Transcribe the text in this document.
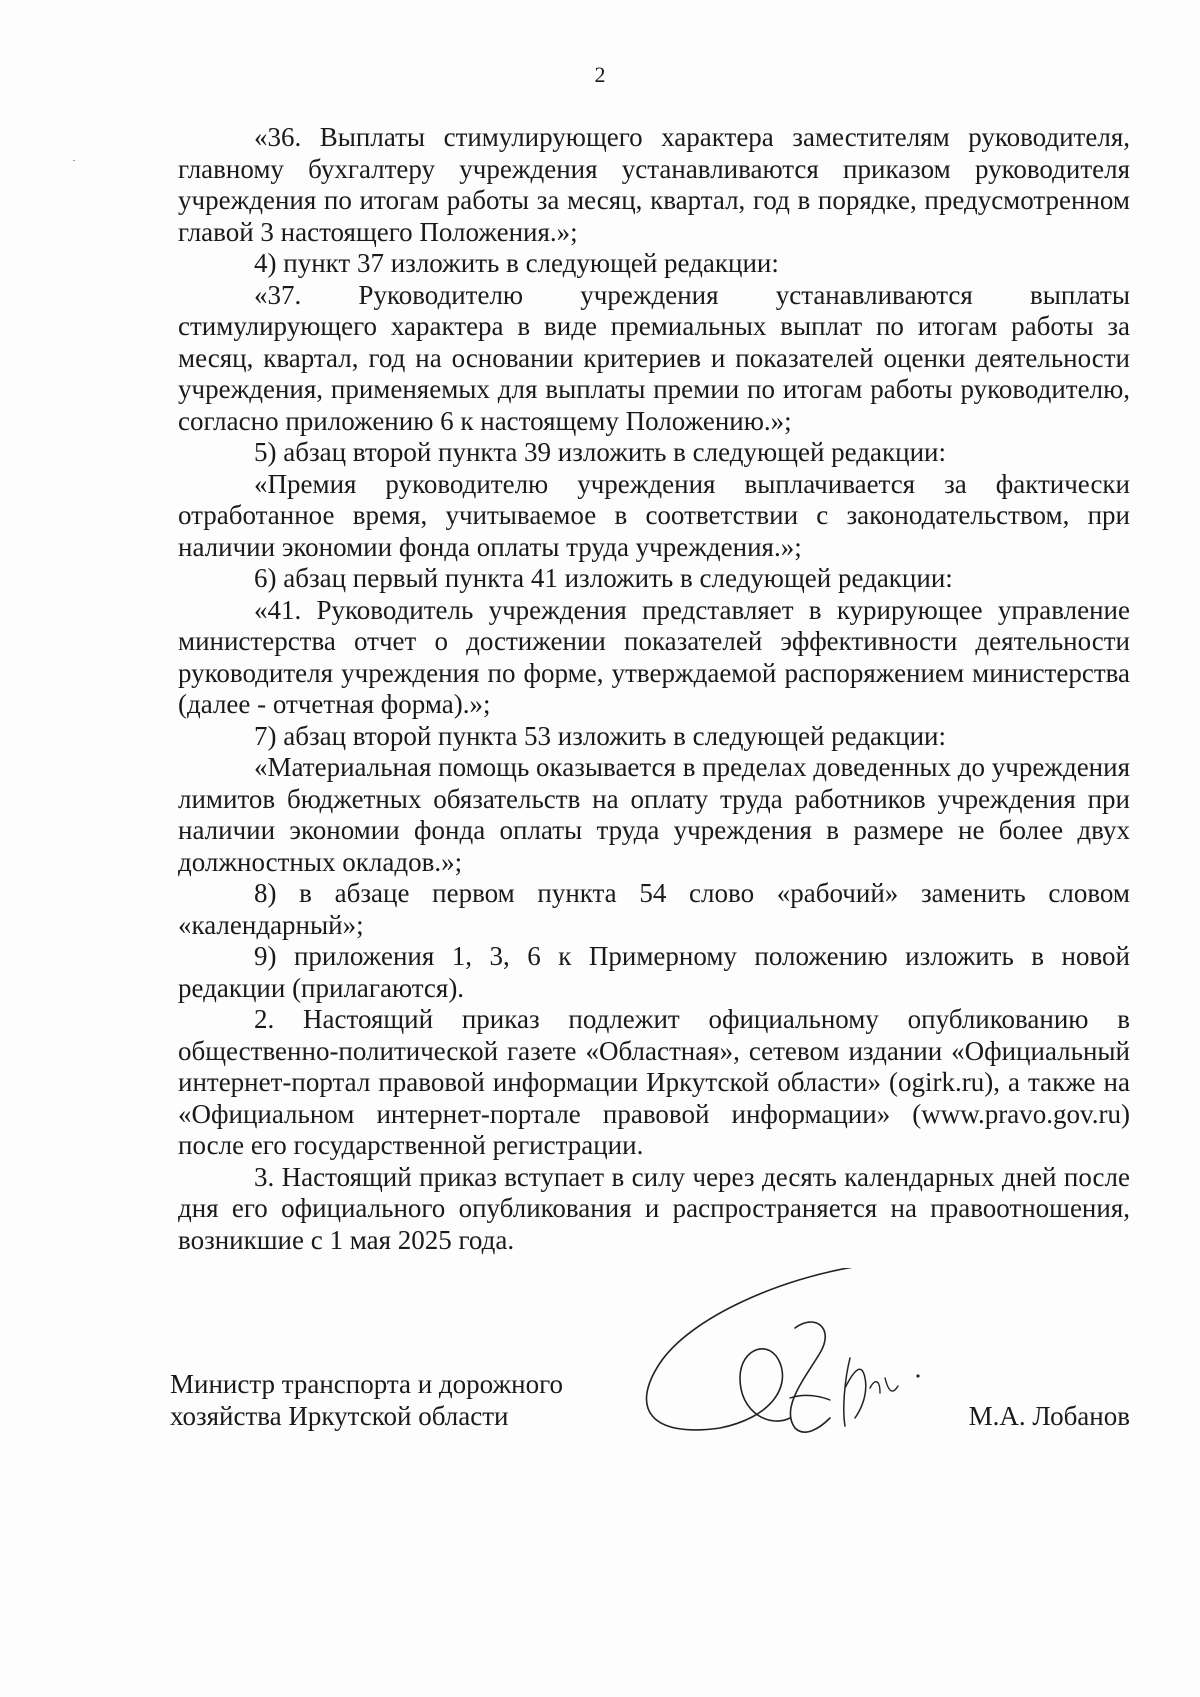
2

«36. Выплаты стимулирующего характера заместителям руководителя, главному бухгалтеру учреждения устанавливаются приказом руководителя учреждения по итогам работы за месяц, квартал, год в порядке, предусмотренном главой 3 настоящего Положения.»;

4) пункт 37 изложить в следующей редакции:

«37. Руководителю учреждения устанавливаются выплаты стимулирующего характера в виде премиальных выплат по итогам работы за месяц, квартал, год на основании критериев и показателей оценки деятельности учреждения, применяемых для выплаты премии по итогам работы руководителю, согласно приложению 6 к настоящему Положению.»;

5) абзац второй пункта 39 изложить в следующей редакции:

«Премия руководителю учреждения выплачивается за фактически отработанное время, учитываемое в соответствии с законодательством, при наличии экономии фонда оплаты труда учреждения.»;

6) абзац первый пункта 41 изложить в следующей редакции:

«41. Руководитель учреждения представляет в курирующее управление министерства отчет о достижении показателей эффективности деятельности руководителя учреждения по форме, утверждаемой распоряжением министерства (далее - отчетная форма).»;

7) абзац второй пункта 53 изложить в следующей редакции:

«Материальная помощь оказывается в пределах доведенных до учреждения лимитов бюджетных обязательств на оплату труда работников учреждения при наличии экономии фонда оплаты труда учреждения в размере не более двух должностных окладов.»;

8) в абзаце первом пункта 54 слово «рабочий» заменить словом «календарный»;

9) приложения 1, 3, 6 к Примерному положению изложить в новой редакции (прилагаются).

2. Настоящий приказ подлежит официальному опубликованию в общественно-политической газете «Областная», сетевом издании «Официальный интернет-портал правовой информации Иркутской области» (ogirk.ru), а также на «Официальном интернет-портале правовой информации» (www.pravo.gov.ru) после его государственной регистрации.

3. Настоящий приказ вступает в силу через десять календарных дней после дня его официального опубликования и распространяется на правоотношения, возникшие с 1 мая 2025 года.

Министр транспорта и дорожного
хозяйства Иркутской области	М.А. Лобанов
